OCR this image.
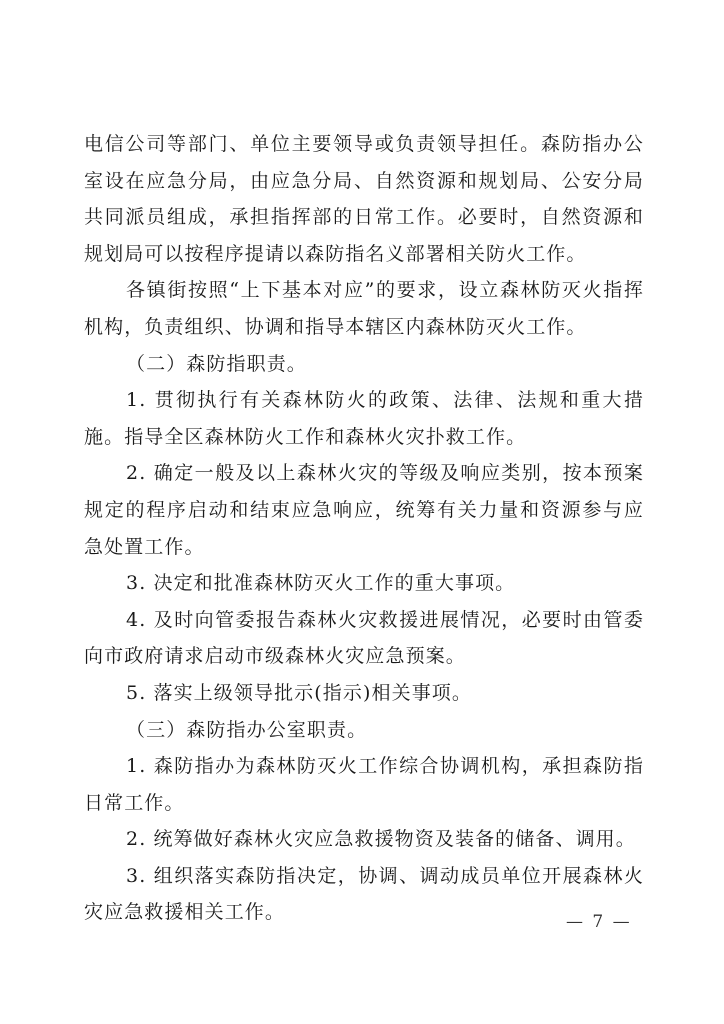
电信公司等部门、单位主要领导或负责领导担任。森防指办公室设在应急分局，由应急分局、自然资源和规划局、公安分局共同派员组成，承担指挥部的日常工作。必要时，自然资源和规划局可以按程序提请以森防指名义部署相关防火工作。

各镇街按照“上下基本对应”的要求，设立森林防灭火指挥机构，负责组织、协调和指导本辖区内森林防灭火工作。

（二）森防指职责。

1. 贯彻执行有关森林防火的政策、法律、法规和重大措施。指导全区森林防火工作和森林火灾扑救工作。

2. 确定一般及以上森林火灾的等级及响应类别，按本预案规定的程序启动和结束应急响应，统筹有关力量和资源参与应急处置工作。

3. 决定和批准森林防灭火工作的重大事项。

4. 及时向管委报告森林火灾救援进展情况，必要时由管委向市政府请求启动市级森林火灾应急预案。

5. 落实上级领导批示(指示)相关事项。

（三）森防指办公室职责。

1. 森防指办为森林防灭火工作综合协调机构，承担森防指日常工作。

2. 统筹做好森林火灾应急救援物资及装备的储备、调用。

3. 组织落实森防指决定，协调、调动成员单位开展森林火灾应急救援相关工作。	— 7 —
